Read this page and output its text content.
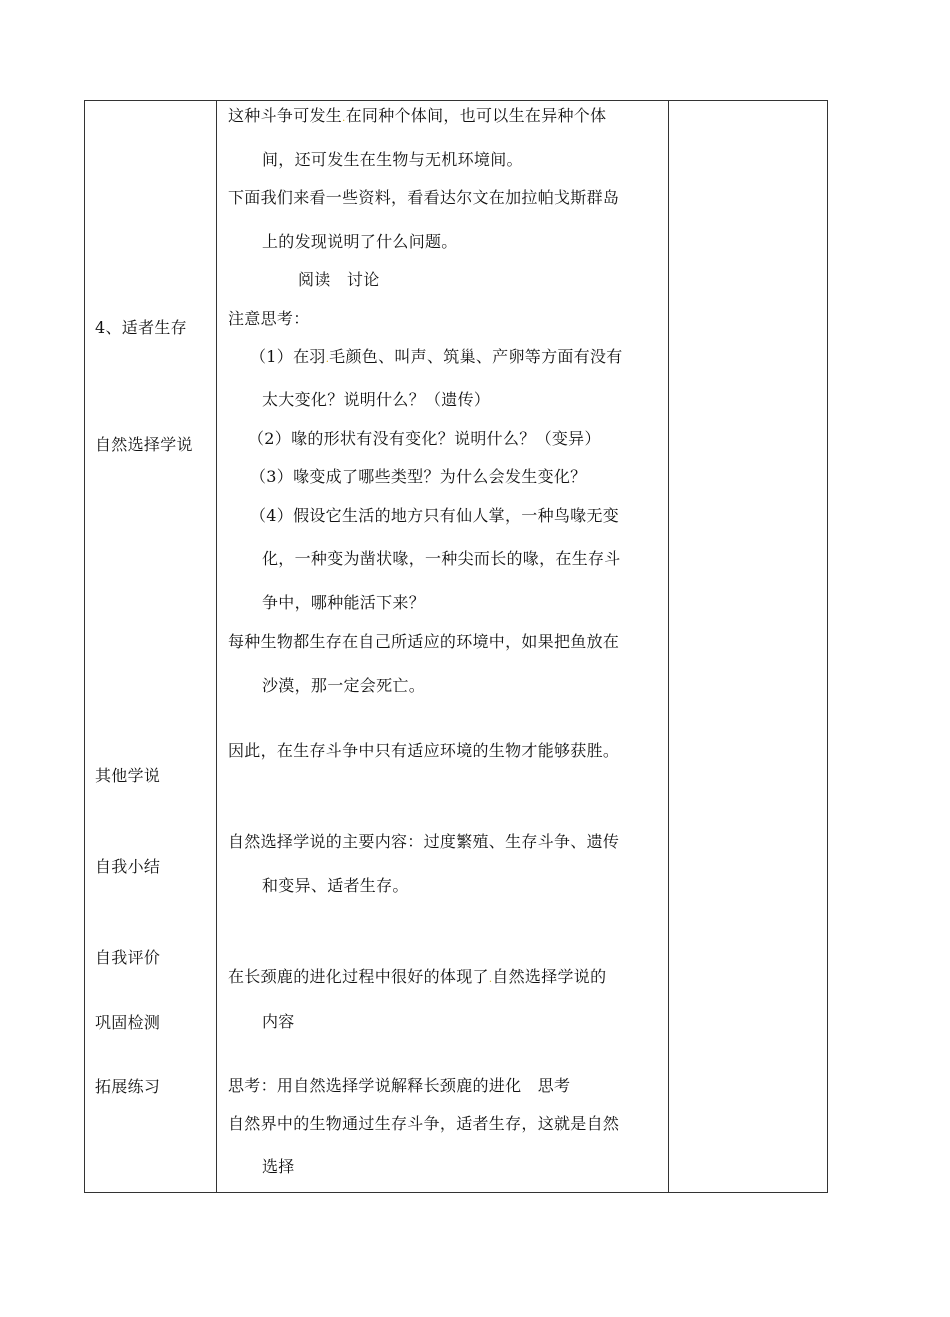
4、适者生存
自然选择学说
其他学说
自我小结
自我评价
巩固检测
拓展练习
这种斗争可发生.在同种个体间，也可以生在异种个体
间，还可发生在生物与无机环境间。
下面我们来看一些资料，看看达尔文在加拉帕戈斯群岛
上的发现说明了什么问题。
阅读　讨论
注意思考：
（1）在羽.毛颜色、叫声、筑巢、产卵等方面有没有
太大变化？说明什么？（遗传）
（2）喙的形状有没有变化？说明什么？（变异）
（3）喙变成了哪些类型？为什么会发生变化？
（4）假设它生活的地方只有仙人掌，一种鸟喙无变
化，一种变为凿状喙，一种尖而长的喙，在生存斗
争中，哪种能活下来？
每种生物都生存在自己所适应的环境中，如果把鱼放在
沙漠，那一定会死亡。
因此，在生存斗争中只有适应环境的生物才能够获胜。
自然选择学说的主要内容：过度繁殖、生存斗争、遗传
和变异、适者生存。
在长颈鹿的进化过程中很好的体现了.自然选择学说的
内容
思考：用自然选择学说解释长颈鹿的进化　思考
自然界中的生物通过生存斗争，适者生存，这就是自然
选择
